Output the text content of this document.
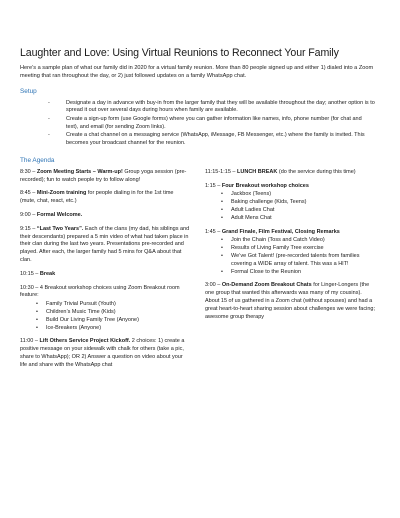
Laughter and Love: Using Virtual Reunions to Reconnect Your Family

Here’s a sample plan of what our family did in 2020 for a virtual family reunion. More than 80 people signed up and either 1) dialed into a Zoom meeting that ran throughout the day, or 2) just followed updates on a family WhatsApp chat.

Setup
- Designate a day in advance with buy-in from the larger family that they will be available throughout the day; another option is to spread it out over several days during hours when family are available.
- Create a sign-up form (use Google forms) where you can gather information like names, info, phone number (for chat and text), and email (for sending Zoom links).
- Create a chat channel on a messaging service (WhatsApp, iMessage, FB Messenger, etc.) where the family is invited. This becomes your broadcast channel for the reunion.
The Agenda
8:30 – Zoom Meeting Starts – Warm-up! Group yoga session (pre-recorded); fun to watch people try to follow along!
8:45 – Mini-Zoom training for people dialing in for the 1st time (mute, chat, react, etc.)
9:00 – Formal Welcome.
9:15 – “Last Two Years”. Each of the clans (my dad, his siblings and their descendants) prepared a 5 min video of what had taken place in their clan during the last two years. Presentations pre-recorded and played. After each, the larger family had 5 mins for Q&A about that clan.
10:15 – Break
10:30 – 4 Breakout workshop choices using Zoom Breakout room feature:
• Family Trivial Pursuit (Youth)
• Children’s Music Time (Kids)
• Build Our Living Family Tree (Anyone)
• Ice-Breakers (Anyone)
11:00 – Lift Others Service Project Kickoff. 2 choices: 1) create a positive message on your sidewalk with chalk for others (take a pic, share to WhatsApp); OR 2) Answer a question on video about your life and share with the WhatsApp chat
11:15-1:15 – LUNCH BREAK (do the service during this time)
1:15 – Four Breakout workshop choices
• Jackbox (Teens)
• Baking challenge (Kids, Teens)
• Adult Ladies Chat
• Adult Mens Chat
1:45 – Grand Finale, Film Festival, Closing Remarks
• Join the Chain (Toss and Catch Video)
• Results of Living Family Tree exercise
• We’ve Got Talent! (pre-recorded talents from families covering a WIDE array of talent. This was a HIT!
• Formal Close to the Reunion
3:00 – On-Demand Zoom Breakout Chats for Linger-Longers (the one group that wanted this afterwards was many of my cousins). About 15 of us gathered in a Zoom chat (without spouses) and had a great heart-to-heart sharing session about challenges we were facing; awesome group therapy
